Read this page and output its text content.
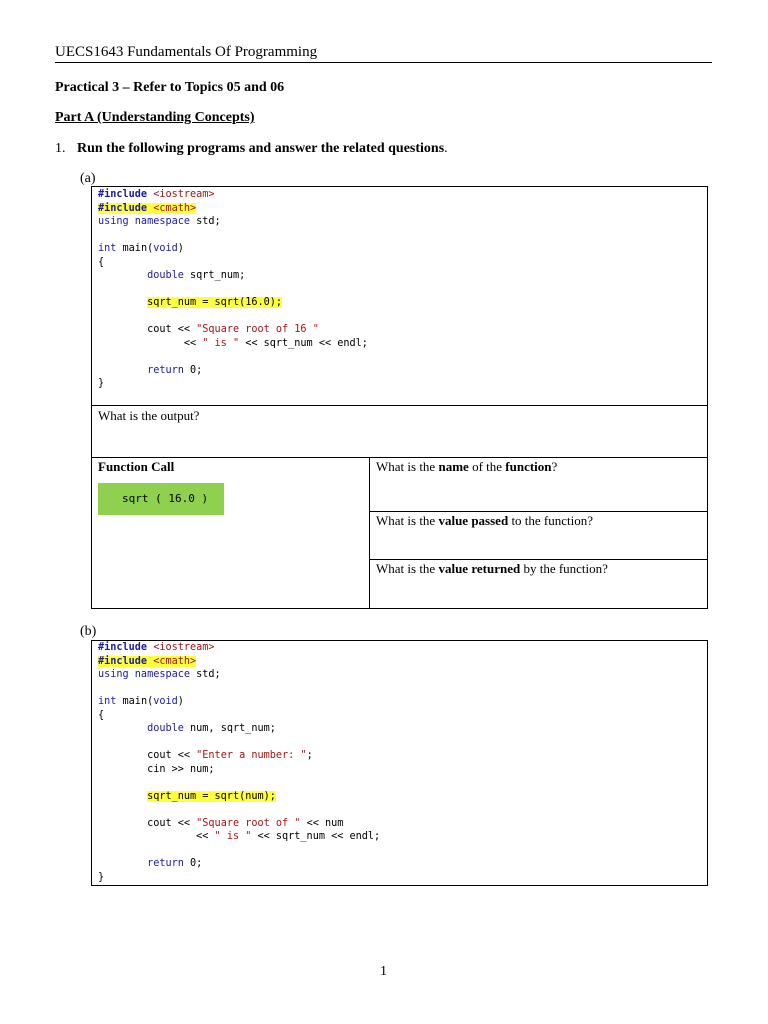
UECS1643 Fundamentals Of Programming
Practical 3 – Refer to Topics 05 and 06
Part A (Understanding Concepts)
1. Run the following programs and answer the related questions.
(a)
#include <iostream>
#include <cmath>
using namespace std;

int main(void)
{
double sqrt_num;

sqrt_num = sqrt(16.0);

cout << "Square root of 16 "
<< " is " << sqrt_num << endl;

return 0;
}
What is the output?
Function Call
sqrt ( 16.0 )
What is the name of the function?
What is the value passed to the function?
What is the value returned by the function?
(b)
#include <iostream>
#include <cmath>
using namespace std;

int main(void)
{
double num, sqrt_num;

cout << "Enter a number: ";
cin >> num;

sqrt_num = sqrt(num);

cout << "Square root of " << num
<< " is " << sqrt_num << endl;

return 0;
}
1
